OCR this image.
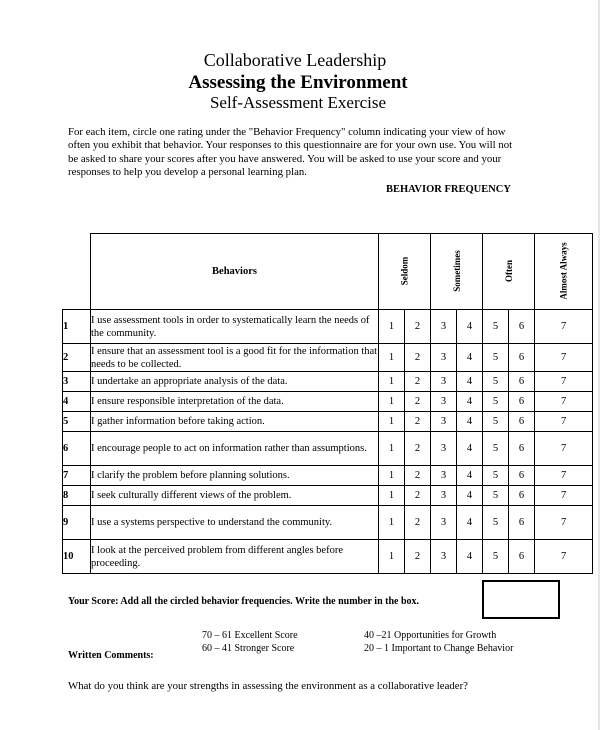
Collaborative Leadership
Assessing the Environment
Self-Assessment Exercise

For each item, circle one rating under the "Behavior Frequency" column indicating your view of how

often you exhibit that behavior. Your responses to this questionnaire are for your own use. You will not

be asked to share your scores after you have answered. You will be asked to use your score and your

responses to help you develop a personal learning plan.

BEHAVIOR FREQUENCY
	Behaviors	Seldom		Sometimes		Often		Almost Always
1	I use assessment tools in order to systematically learn the needs of the community.	1	2	3	4	5	6	7
2	I ensure that an assessment tool is a good fit for the information that needs to be collected.	1	2	3	4	5	6	7
3	I undertake an appropriate analysis of the data.	1	2	3	4	5	6	7
4	I ensure responsible interpretation of the data.	1	2	3	4	5	6	7
5	I gather information before taking action.	1	2	3	4	5	6	7
6	I encourage people to act on information rather than assumptions.	1	2	3	4	5	6	7
7	I clarify the problem before planning solutions.	1	2	3	4	5	6	7
8	I seek culturally different views of the problem.	1	2	3	4	5	6	7
9	I use a systems perspective to understand the community.	1	2	3	4	5	6	7
10	I look at the perceived problem from different angles before proceeding.	1	2	3	4	5	6	7
Your Score: Add all the circled behavior frequencies. Write the number in the box.
70 – 61 Excellent Score
60 – 41 Stronger Score
40 –21 Opportunities for Growth
20 – 1 Important to Change Behavior
Written Comments:
What do you think are your strengths in assessing the environment as a collaborative leader?
